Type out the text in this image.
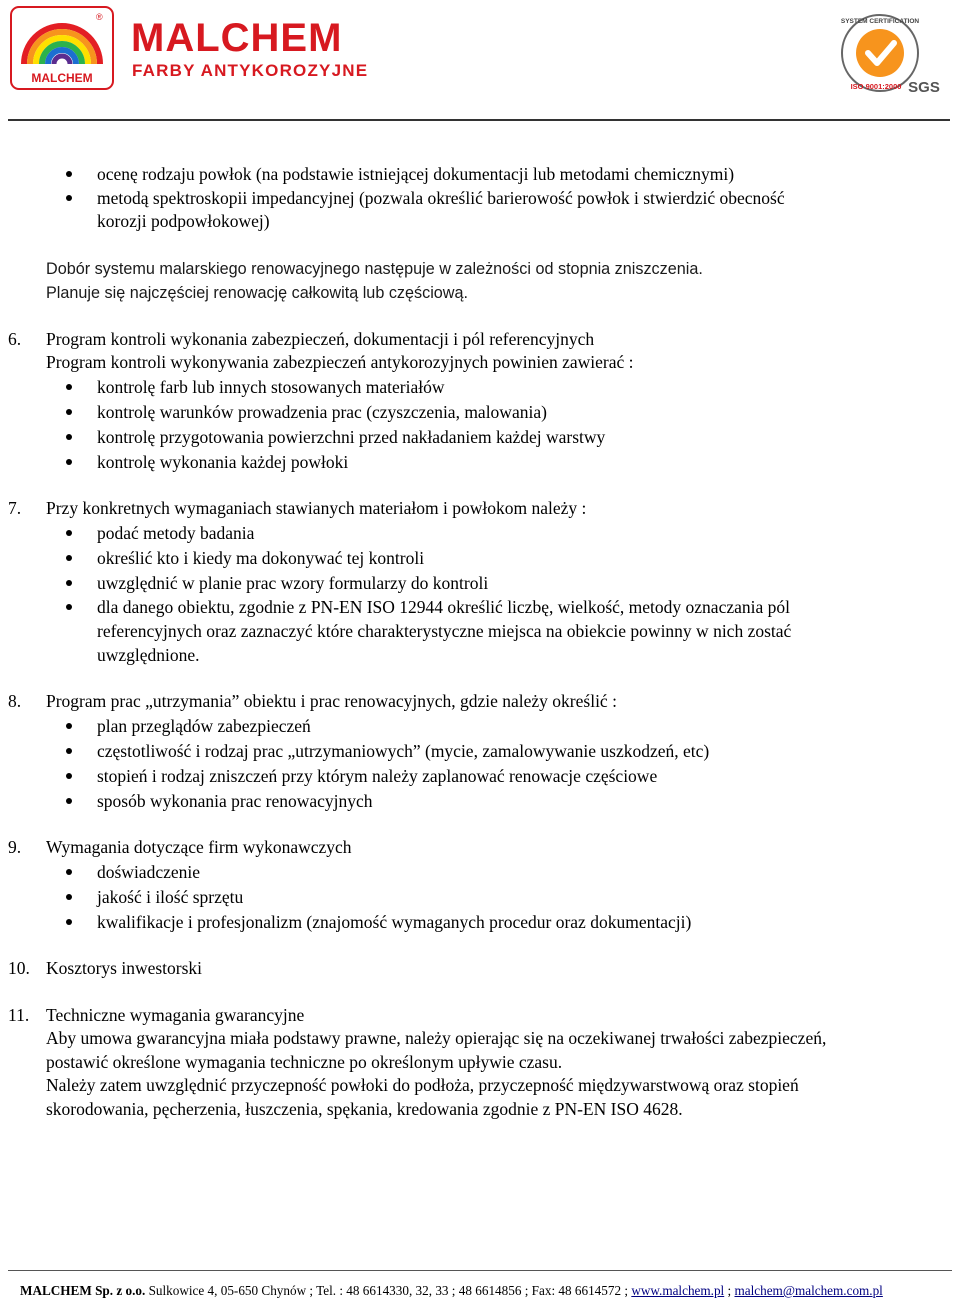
MALCHEM
® MALCHEM
FARBY ANTYKOROZYJNE
SYSTEM CERTIFICATION
ISO 9001:2000 SGS
ocenę rodzaju powłok (na podstawie istniejącej dokumentacji lub metodami chemicznymi)
metodą spektroskopii impedancyjnej (pozwala określić barierowość powłok i stwierdzić obecność
korozji podpowłokowej)
Dobór systemu malarskiego renowacyjnego następuje w zależności od stopnia zniszczenia.
Planuje się najczęściej renowację całkowitą lub częściową.
6. Program kontroli wykonania zabezpieczeń, dokumentacji i pól referencyjnych
Program kontroli wykonywania zabezpieczeń antykorozyjnych powinien zawierać :
kontrolę farb lub innych stosowanych materiałów
kontrolę warunków prowadzenia prac (czyszczenia, malowania)
kontrolę przygotowania powierzchni przed nakładaniem każdej warstwy
kontrolę wykonania każdej powłoki
7. Przy konkretnych wymaganiach stawianych materiałom i powłokom należy :
podać metody badania
określić kto i kiedy ma dokonywać tej kontroli
uwzględnić w planie prac wzory formularzy do kontroli
dla danego obiektu, zgodnie z PN-EN ISO 12944 określić liczbę, wielkość, metody oznaczania pól
referencyjnych oraz zaznaczyć które charakterystyczne miejsca na obiekcie powinny w nich zostać
uwzględnione.
8. Program prac „utrzymania” obiektu i prac renowacyjnych, gdzie należy określić :
plan przeglądów zabezpieczeń
częstotliwość i rodzaj prac „utrzymaniowych” (mycie, zamalowywanie uszkodzeń, etc)
stopień i rodzaj zniszczeń przy którym należy zaplanować renowacje częściowe
sposób wykonania prac renowacyjnych
9. Wymagania dotyczące firm wykonawczych
doświadczenie
jakość i ilość sprzętu
kwalifikacje i profesjonalizm (znajomość wymaganych procedur oraz dokumentacji)
10. Kosztorys inwestorski
11. Techniczne wymagania gwarancyjne
Aby umowa gwarancyjna miała podstawy prawne, należy opierając się na oczekiwanej trwałości zabezpieczeń,
postawić określone wymagania techniczne po określonym upływie czasu.
Należy zatem uwzględnić przyczepność powłoki do podłoża, przyczepność międzywarstwową oraz stopień
skorodowania, pęcherzenia, łuszczenia, spękania, kredowania zgodnie z PN-EN ISO 4628.
MALCHEM Sp. z o.o. Sulkowice 4, 05-650 Chynów ; Tel. : 48 6614330, 32, 33 ; 48 6614856 ; Fax: 48 6614572 ; www.malchem.pl ; malchem@malchem.com.pl
